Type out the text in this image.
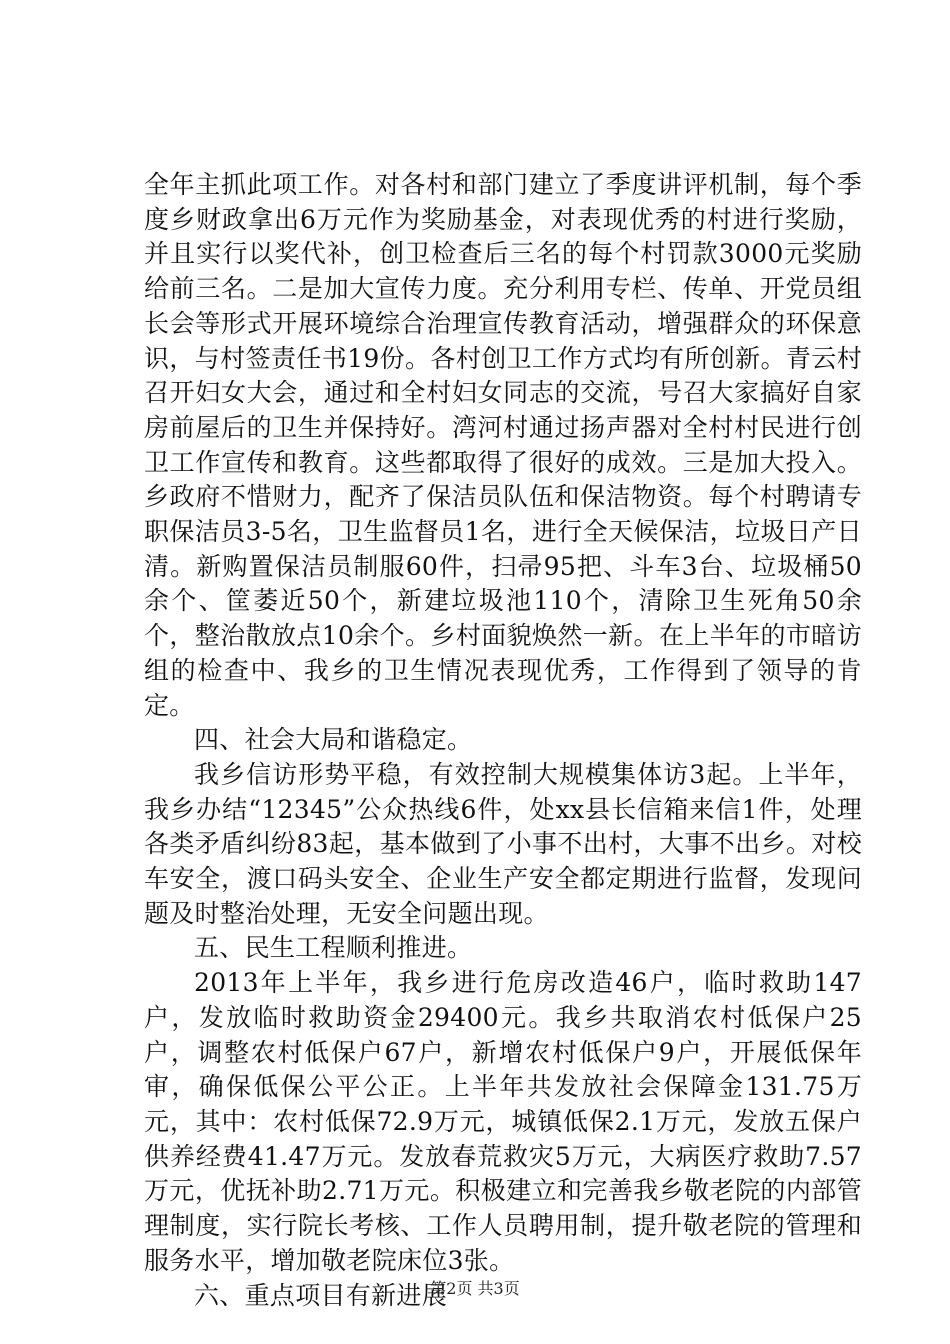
全年主抓此项工作。对各村和部门建立了季度讲评机制，每个季度乡财政拿出6万元作为奖励基金，对表现优秀的村进行奖励，并且实行以奖代补，创卫检查后三名的每个村罚款3000元奖励给前三名。二是加大宣传力度。充分利用专栏、传单、开党员组长会等形式开展环境综合治理宣传教育活动，增强群众的环保意识，与村签责任书19份。各村创卫工作方式均有所创新。青云村召开妇女大会，通过和全村妇女同志的交流，号召大家搞好自家房前屋后的卫生并保持好。湾河村通过扬声器对全村村民进行创卫工作宣传和教育。这些都取得了很好的成效。三是加大投入。乡政府不惜财力，配齐了保洁员队伍和保洁物资。每个村聘请专职保洁员3-5名，卫生监督员1名，进行全天候保洁，垃圾日产日清。新购置保洁员制服60件，扫帚95把、斗车3台、垃圾桶50余个、筐萎近50个，新建垃圾池110个，清除卫生死角50余个，整治散放点10余个。乡村面貌焕然一新。在上半年的市暗访组的检查中、我乡的卫生情况表现优秀，工作得到了领导的肯定。

四、社会大局和谐稳定。

我乡信访形势平稳，有效控制大规模集体访3起。上半年，我乡办结“12345”公众热线6件，处xx县长信箱来信1件，处理各类矛盾纠纷83起，基本做到了小事不出村，大事不出乡。对校车安全，渡口码头安全、企业生产安全都定期进行监督，发现问题及时整治处理，无安全问题出现。

五、民生工程顺利推进。

2013年上半年，我乡进行危房改造46户，临时救助147户，发放临时救助资金29400元。我乡共取消农村低保户25户，调整农村低保户67户，新增农村低保户9户，开展低保年审，确保低保公平公正。上半年共发放社会保障金131.75万元，其中：农村低保72.9万元，城镇低保2.1万元，发放五保户供养经费41.47万元。发放春荒救灾5万元，大病医疗救助7.57万元，优抚补助2.71万元。积极建立和完善我乡敬老院的内部管理制度，实行院长考核、工作人员聘用制，提升敬老院的管理和服务水平，增加敬老院床位3张。

六、重点项目有新进展

第2页 共3页
